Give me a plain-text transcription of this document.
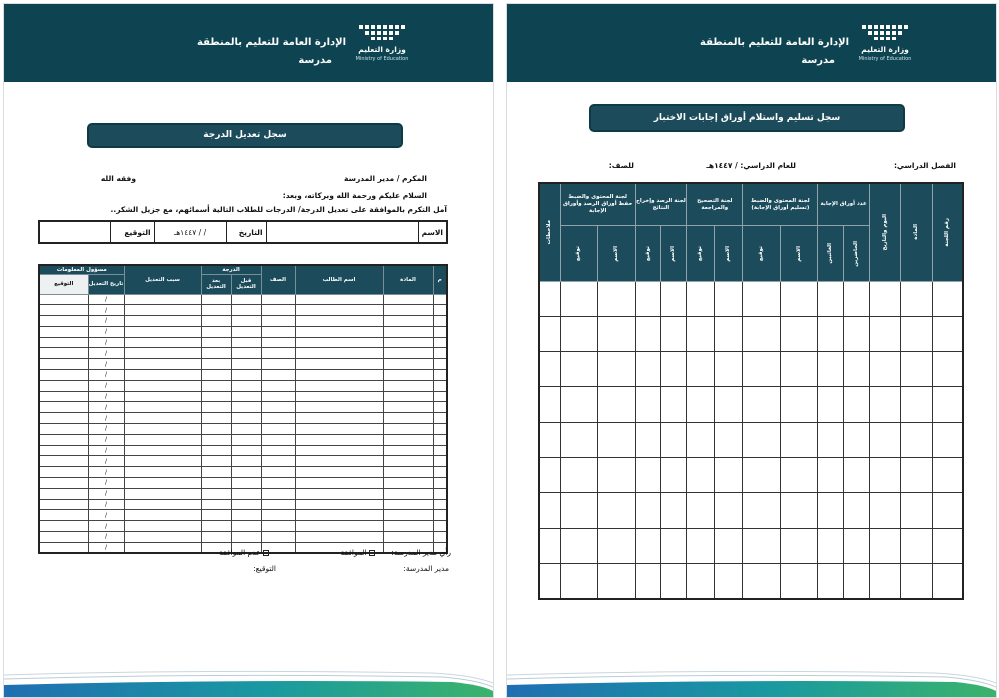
الإدارة العامة للتعليم بالمنطقة
مدرسة
وزارة التعليم
Ministry of Education
سجل تعديل الدرجة
المكرم / مدير المدرسة
وفقه الله
السلام عليكم ورحمة الله وبركاته، وبعد:
آمل التكرم بالموافقة على تعديل الدرجة/ الدرجات للطلاب التالية أسمائهم، مع جزيل الشكر..
الاسم		التاريخ	/ / ١٤٤٧هـ	التوقيع	
م	المادة	اسم الطالب	الصف	الدرجة		سبب التعديل	مسؤول المعلومات	
				قبل التعديل	بعد التعديل		تاريخ التعديل	التوقيع
							/	
							/	
							/	
							/	
							/	
							/	
							/	
							/	
							/	
							/	
							/	
							/	
							/	
							/	
							/	
							/	
							/	
							/	
							/	
							/	
							/	
							/	
							/	
							/	
رأي مدير المدرسة:
الموافقة
عدم الموافقة
مدير المدرسة:
التوقيع:
الإدارة العامة للتعليم بالمنطقة
مدرسة
وزارة التعليم
Ministry of Education
سجل تسليم واستلام أوراق إجابات الاختبار
الفصل الدراسي:
للعام الدراسي: / ١٤٤٧هـ
للصف:
رقم اللجنة	المادة	اليوم والتاريخ	عدد أوراق الإجابة		لجنة المحتوى والضبط (تسليم أوراق الإجابة)		لجنة التصحيح والمراجعة		لجنة الرصد وإخراج النتائج		لجنة المحتوى والضبط حفظ أوراق الرصد وأوراق الإجابة		ملاحظات

			الحاضرين	الغائبين	الاسم	توقيع	الاسم	توقيع	الاسم	توقيع	الاسم	توقيع	
